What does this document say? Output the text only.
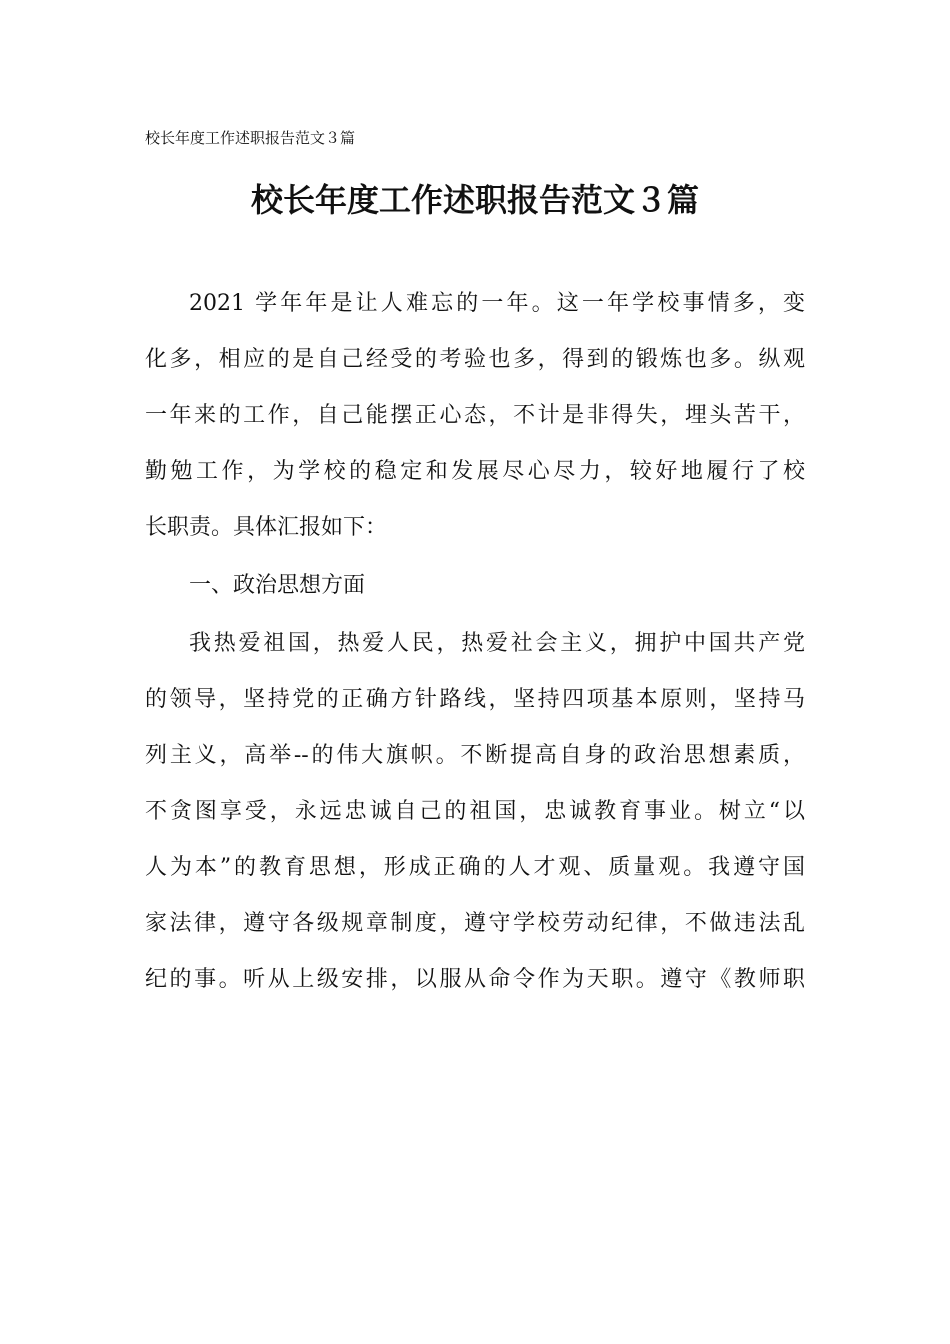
校长年度工作述职报告范文３篇
校长年度工作述职报告范文３篇
2021 学年年是让人难忘的一年。这一年学校事情多，变
化多，相应的是自己经受的考验也多，得到的锻炼也多。纵观
一年来的工作，自己能摆正心态，不计是非得失，埋头苦干，
勤勉工作，为学校的稳定和发展尽心尽力，较好地履行了校
长职责。具体汇报如下：
一、政治思想方面
我热爱祖国，热爱人民，热爱社会主义，拥护中国共产党
的领导，坚持党的正确方针路线，坚持四项基本原则，坚持马
列主义，高举--的伟大旗帜。不断提高自身的政治思想素质，
不贪图享受，永远忠诚自己的祖国，忠诚教育事业。树立“以
人为本”的教育思想，形成正确的人才观、质量观。我遵守国
家法律，遵守各级规章制度，遵守学校劳动纪律，不做违法乱
纪的事。听从上级安排，以服从命令作为天职。遵守《教师职
